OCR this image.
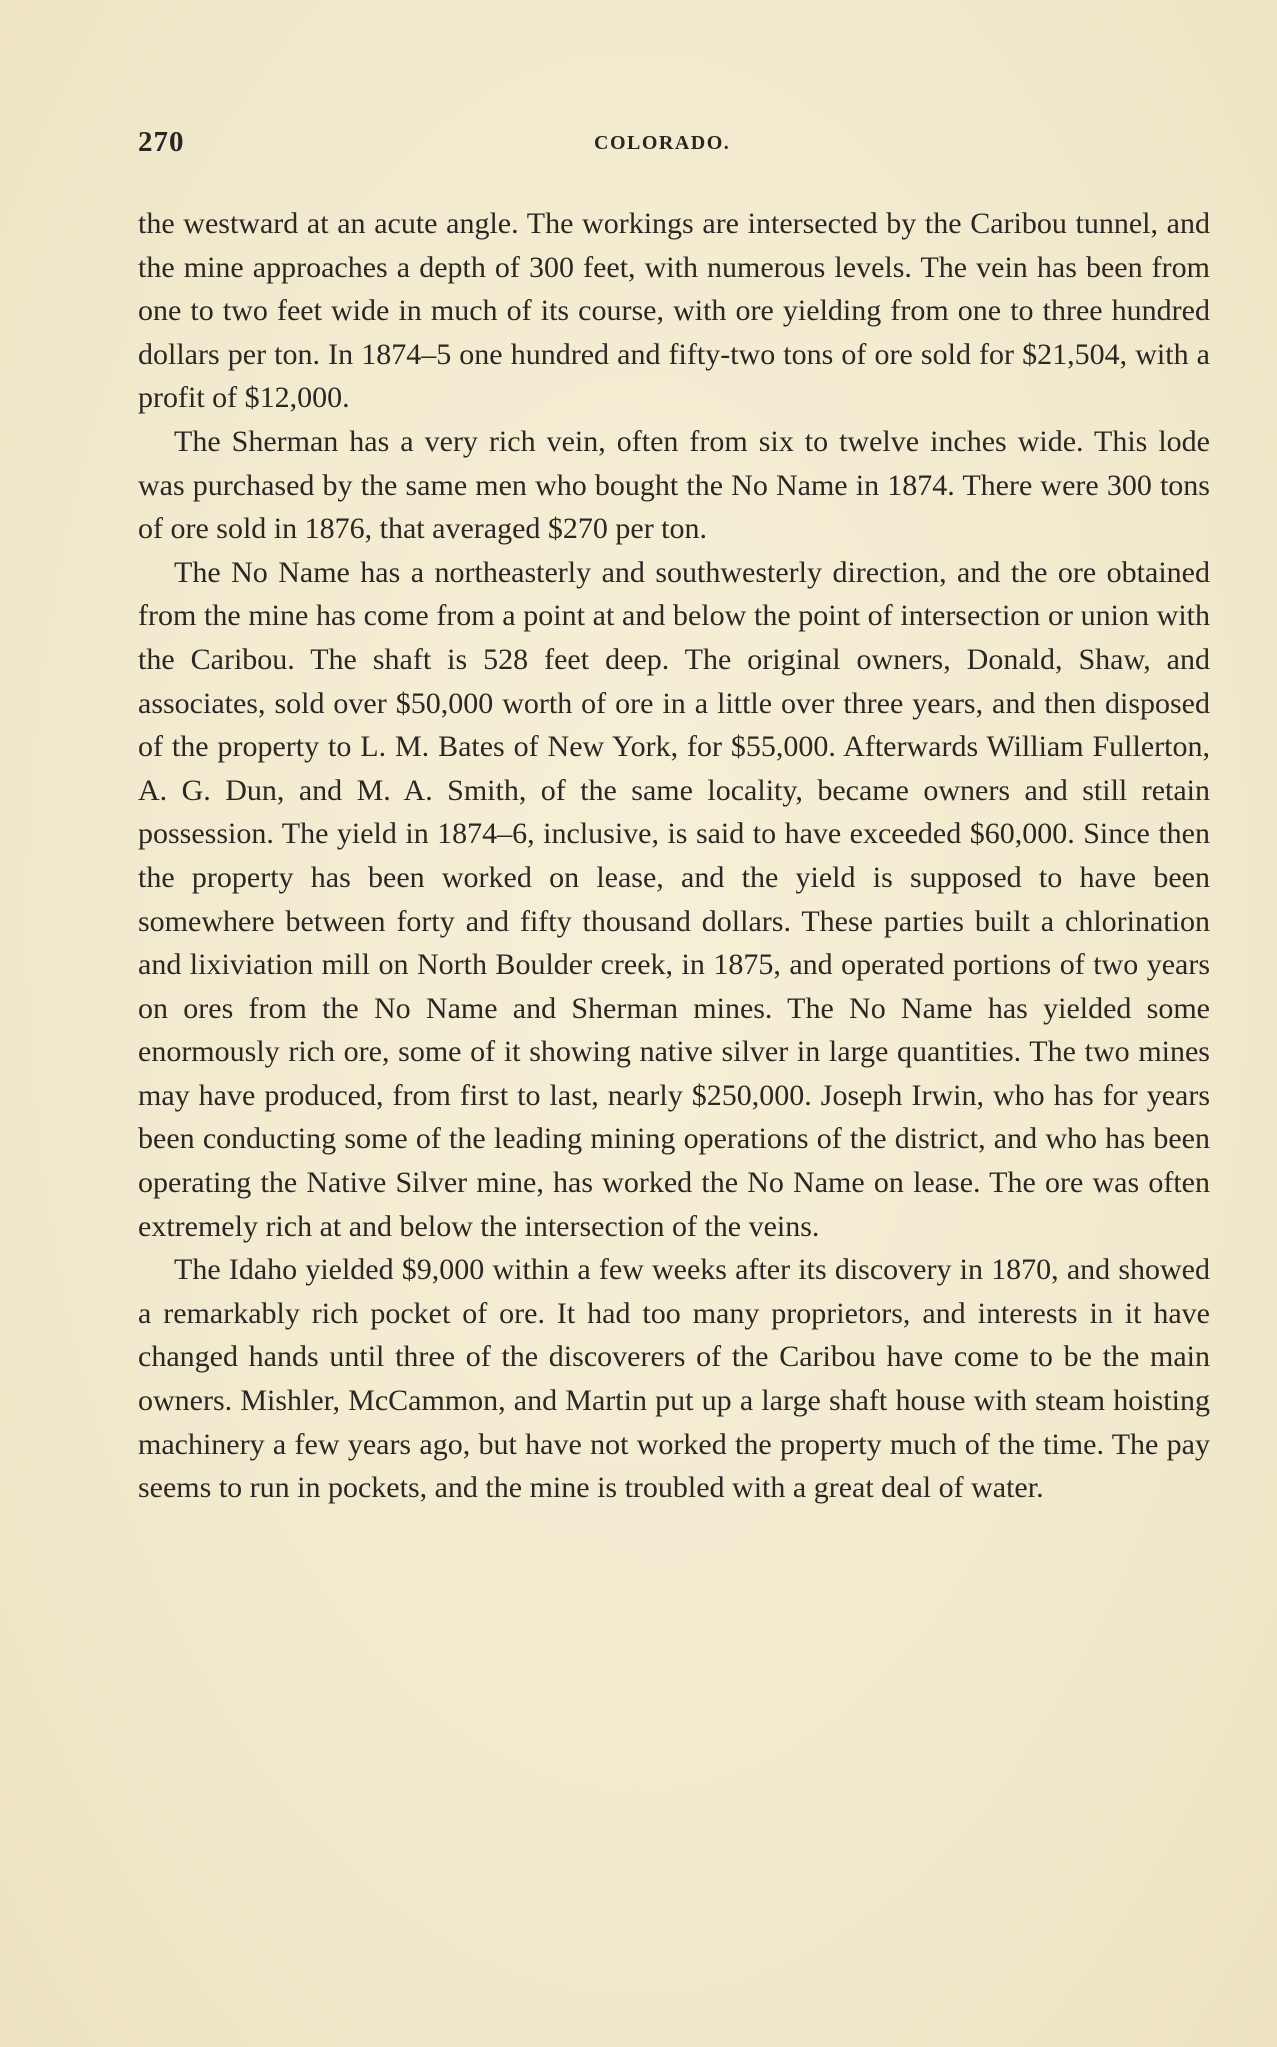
270	COLORADO.

the westward at an acute angle. The workings are intersected by the Caribou tunnel, and the mine approaches a depth of 300 feet, with numerous levels. The vein has been from one to two feet wide in much of its course, with ore yielding from one to three hundred dollars per ton. In 1874–5 one hundred and fifty-two tons of ore sold for $21,504, with a profit of $12,000.

The Sherman has a very rich vein, often from six to twelve inches wide. This lode was purchased by the same men who bought the No Name in 1874. There were 300 tons of ore sold in 1876, that averaged $270 per ton.

The No Name has a northeasterly and southwesterly direction, and the ore obtained from the mine has come from a point at and below the point of intersection or union with the Caribou. The shaft is 528 feet deep. The original owners, Donald, Shaw, and associates, sold over $50,000 worth of ore in a little over three years, and then disposed of the property to L. M. Bates of New York, for $55,000. Afterwards William Fullerton, A. G. Dun, and M. A. Smith, of the same locality, became owners and still retain possession. The yield in 1874–6, inclusive, is said to have exceeded $60,000. Since then the property has been worked on lease, and the yield is supposed to have been somewhere between forty and fifty thousand dollars. These parties built a chlorination and lixiviation mill on North Boulder creek, in 1875, and operated portions of two years on ores from the No Name and Sherman mines. The No Name has yielded some enormously rich ore, some of it showing native silver in large quantities. The two mines may have produced, from first to last, nearly $250,000. Joseph Irwin, who has for years been conducting some of the leading mining operations of the district, and who has been operating the Native Silver mine, has worked the No Name on lease. The ore was often extremely rich at and below the intersection of the veins.

The Idaho yielded $9,000 within a few weeks after its discovery in 1870, and showed a remarkably rich pocket of ore. It had too many proprietors, and interests in it have changed hands until three of the discoverers of the Caribou have come to be the main owners. Mishler, McCammon, and Martin put up a large shaft house with steam hoisting machinery a few years ago, but have not worked the property much of the time. The pay seems to run in pockets, and the mine is troubled with a great deal of water.
